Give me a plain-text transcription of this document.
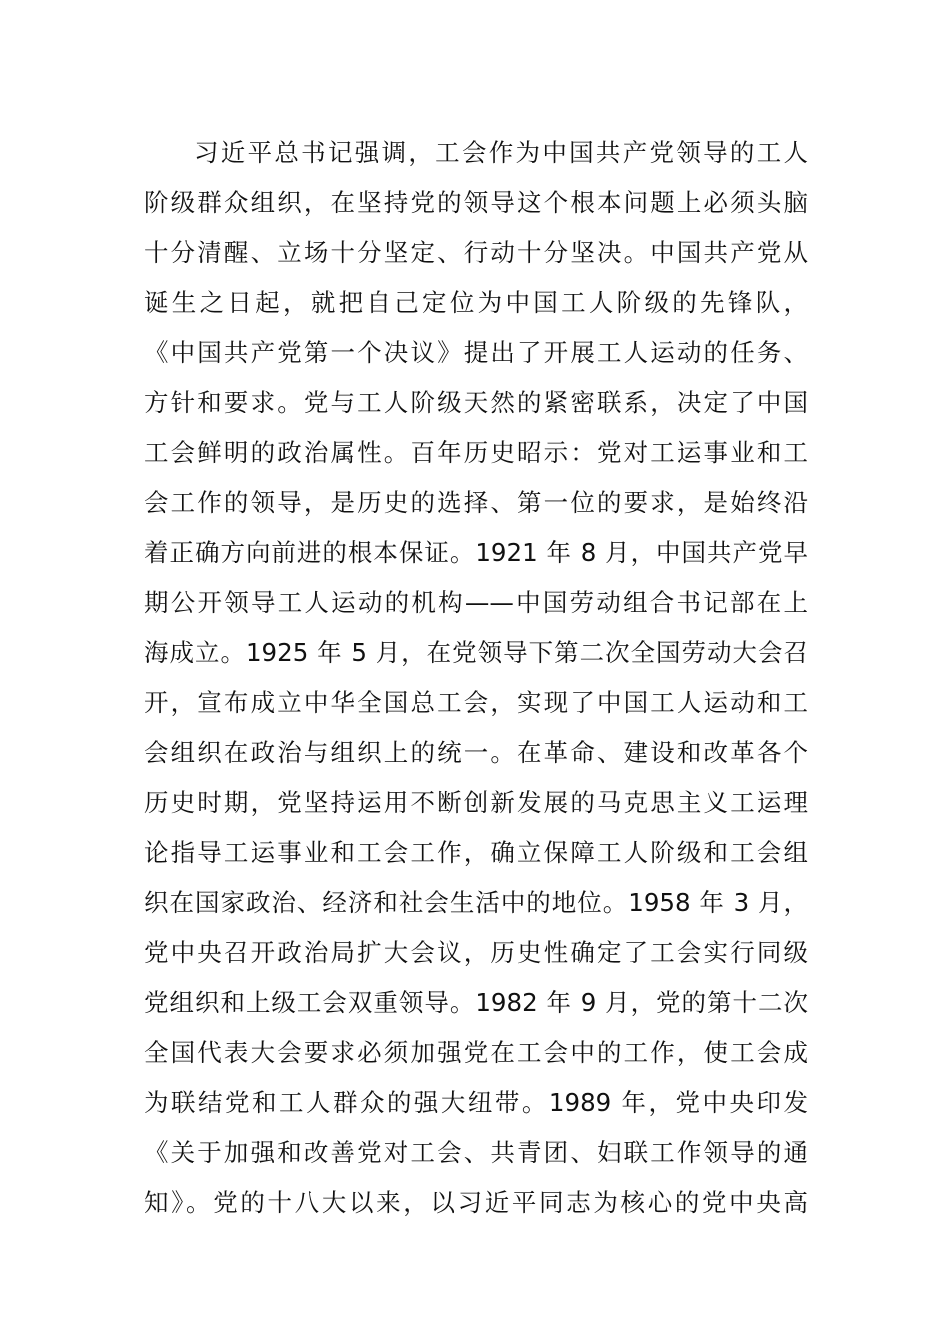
习近平总书记强调，工会作为中国共产党领导的工人
阶级群众组织，在坚持党的领导这个根本问题上必须头脑
十分清醒、立场十分坚定、行动十分坚决。中国共产党从
诞生之日起，就把自己定位为中国工人阶级的先锋队，
《中国共产党第一个决议》提出了开展工人运动的任务、
方针和要求。党与工人阶级天然的紧密联系，决定了中国
工会鲜明的政治属性。百年历史昭示：党对工运事业和工
会工作的领导，是历史的选择、第一位的要求，是始终沿
着正确方向前进的根本保证。1921 年 8 月，中国共产党早
期公开领导工人运动的机构——中国劳动组合书记部在上
海成立。1925 年 5 月，在党领导下第二次全国劳动大会召
开，宣布成立中华全国总工会，实现了中国工人运动和工
会组织在政治与组织上的统一。在革命、建设和改革各个
历史时期，党坚持运用不断创新发展的马克思主义工运理
论指导工运事业和工会工作，确立保障工人阶级和工会组
织在国家政治、经济和社会生活中的地位。1958 年 3 月，
党中央召开政治局扩大会议，历史性确定了工会实行同级
党组织和上级工会双重领导。1982 年 9 月，党的第十二次
全国代表大会要求必须加强党在工会中的工作，使工会成
为联结党和工人群众的强大纽带。1989 年，党中央印发
《关于加强和改善党对工会、共青团、妇联工作领导的通
知》。党的十八大以来，以习近平同志为核心的党中央高
